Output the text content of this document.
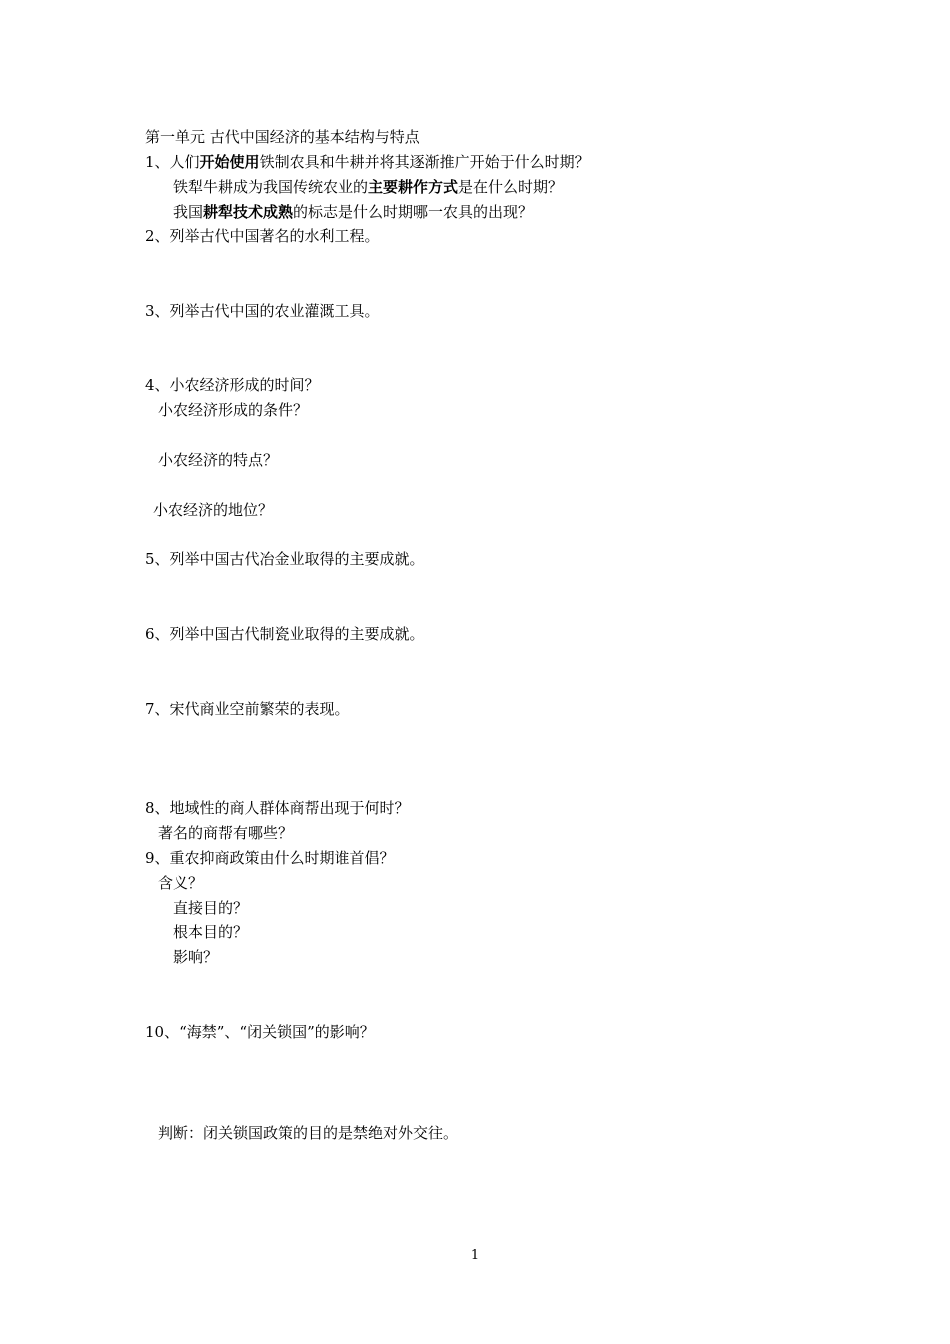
第一单元 古代中国经济的基本结构与特点
1、人们开始使用铁制农具和牛耕并将其逐渐推广开始于什么时期？
铁犁牛耕成为我国传统农业的主要耕作方式是在什么时期？
我国耕犁技术成熟的标志是什么时期哪一农具的出现？
2、列举古代中国著名的水利工程。
3、列举古代中国的农业灌溉工具。
4、小农经济形成的时间？
小农经济形成的条件？
小农经济的特点？
小农经济的地位？
5、列举中国古代冶金业取得的主要成就。
6、列举中国古代制瓷业取得的主要成就。
7、宋代商业空前繁荣的表现。
8、地域性的商人群体商帮出现于何时？
著名的商帮有哪些？
9、重农抑商政策由什么时期谁首倡？
含义？
直接目的？
根本目的？
影响？
10、“海禁”、“闭关锁国”的影响？
判断：闭关锁国政策的目的是禁绝对外交往。
1
